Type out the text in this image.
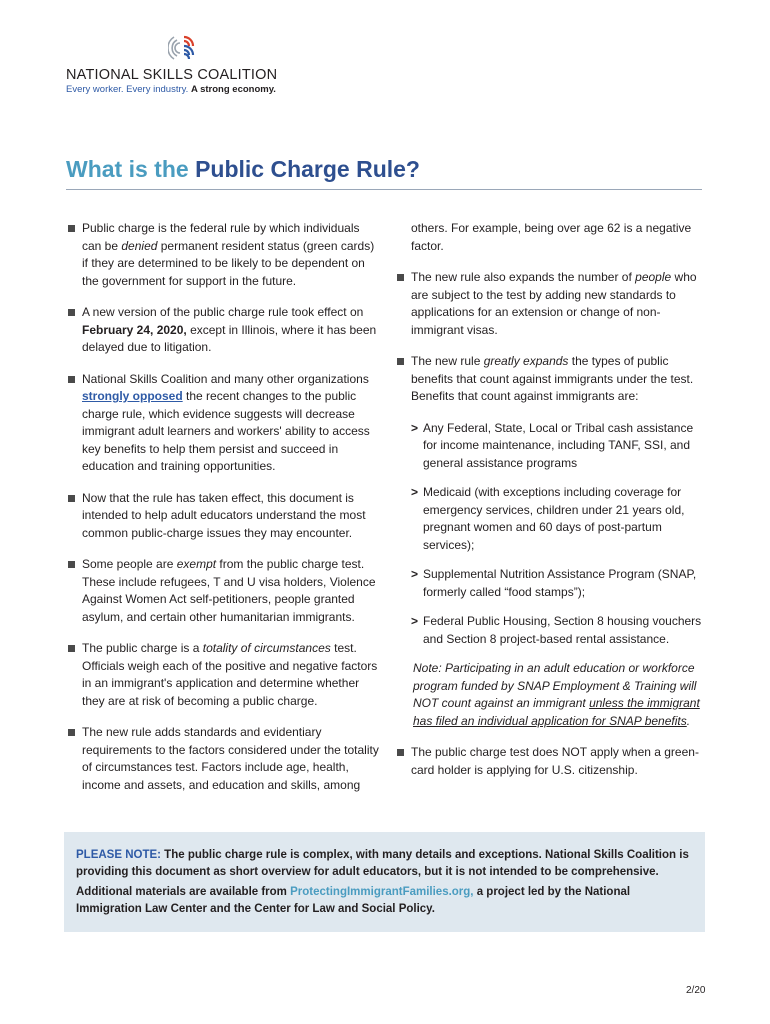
NATIONAL SKILLS COALITION
Every worker. Every industry. A strong economy.
What is the Public Charge Rule?
Public charge is the federal rule by which individuals can be denied permanent resident status (green cards) if they are determined to be likely to be dependent on the government for support in the future.
A new version of the public charge rule took effect on February 24, 2020, except in Illinois, where it has been delayed due to litigation.
National Skills Coalition and many other organizations strongly opposed the recent changes to the public charge rule, which evidence suggests will decrease immigrant adult learners and workers' ability to access key benefits to help them persist and succeed in education and training opportunities.
Now that the rule has taken effect, this document is intended to help adult educators understand the most common public-charge issues they may encounter.
Some people are exempt from the public charge test. These include refugees, T and U visa holders, Violence Against Women Act self-petitioners, people granted asylum, and certain other humanitarian immigrants.
The public charge is a totality of circumstances test. Officials weigh each of the positive and negative factors in an immigrant's application and determine whether they are at risk of becoming a public charge.
The new rule adds standards and evidentiary requirements to the factors considered under the totality of circumstances test. Factors include age, health, income and assets, and education and skills, among
others. For example, being over age 62 is a negative factor.
The new rule also expands the number of people who are subject to the test by adding new standards to applications for an extension or change of non-immigrant visas.
The new rule greatly expands the types of public benefits that count against immigrants under the test. Benefits that count against immigrants are:
> Any Federal, State, Local or Tribal cash assistance for income maintenance, including TANF, SSI, and general assistance programs
> Medicaid (with exceptions including coverage for emergency services, children under 21 years old, pregnant women and 60 days of post-partum services);
> Supplemental Nutrition Assistance Program (SNAP, formerly called “food stamps”);
> Federal Public Housing, Section 8 housing vouchers and Section 8 project-based rental assistance.
Note: Participating in an adult education or workforce program funded by SNAP Employment & Training will NOT count against an immigrant unless the immigrant has filed an individual application for SNAP benefits.
The public charge test does NOT apply when a green-card holder is applying for U.S. citizenship.

PLEASE NOTE: The public charge rule is complex, with many details and exceptions. National Skills Coalition is providing this document as short overview for adult educators, but it is not intended to be comprehensive.

Additional materials are available from ProtectingImmigrantFamilies.org, a project led by the National Immigration Law Center and the Center for Law and Social Policy.

2/20
